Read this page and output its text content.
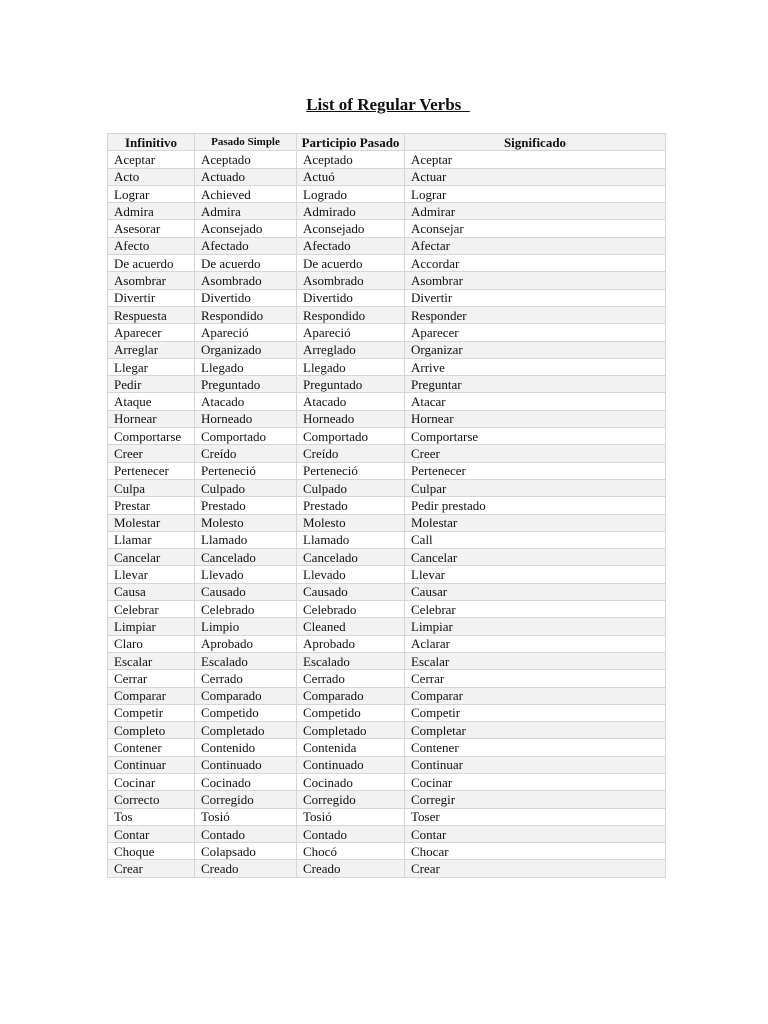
List of Regular Verbs
Infinitivo	Pasado Simple	Participio Pasado	Significado
Aceptar	Aceptado	Aceptado	Aceptar
Acto	Actuado	Actuó	Actuar
Lograr	Achieved	Logrado	Lograr
Admira	Admira	Admirado	Admirar
Asesorar	Aconsejado	Aconsejado	Aconsejar
Afecto	Afectado	Afectado	Afectar
De acuerdo	De acuerdo	De acuerdo	Accordar
Asombrar	Asombrado	Asombrado	Asombrar
Divertir	Divertido	Divertido	Divertir
Respuesta	Respondido	Respondido	Responder
Aparecer	Apareció	Apareció	Aparecer
Arreglar	Organizado	Arreglado	Organizar
Llegar	Llegado	Llegado	Arrive
Pedir	Preguntado	Preguntado	Preguntar
Ataque	Atacado	Atacado	Atacar
Hornear	Horneado	Horneado	Hornear
Comportarse	Comportado	Comportado	Comportarse
Creer	Creído	Creído	Creer
Pertenecer	Perteneció	Perteneció	Pertenecer
Culpa	Culpado	Culpado	Culpar
Prestar	Prestado	Prestado	Pedir prestado
Molestar	Molesto	Molesto	Molestar
Llamar	Llamado	Llamado	Call
Cancelar	Cancelado	Cancelado	Cancelar
Llevar	Llevado	Llevado	Llevar
Causa	Causado	Causado	Causar
Celebrar	Celebrado	Celebrado	Celebrar
Limpiar	Limpio	Cleaned	Limpiar
Claro	Aprobado	Aprobado	Aclarar
Escalar	Escalado	Escalado	Escalar
Cerrar	Cerrado	Cerrado	Cerrar
Comparar	Comparado	Comparado	Comparar
Competir	Competido	Competido	Competir
Completo	Completado	Completado	Completar
Contener	Contenido	Contenida	Contener
Continuar	Continuado	Continuado	Continuar
Cocinar	Cocinado	Cocinado	Cocinar
Correcto	Corregido	Corregido	Corregir
Tos	Tosió	Tosió	Toser
Contar	Contado	Contado	Contar
Choque	Colapsado	Chocó	Chocar
Crear	Creado	Creado	Crear
